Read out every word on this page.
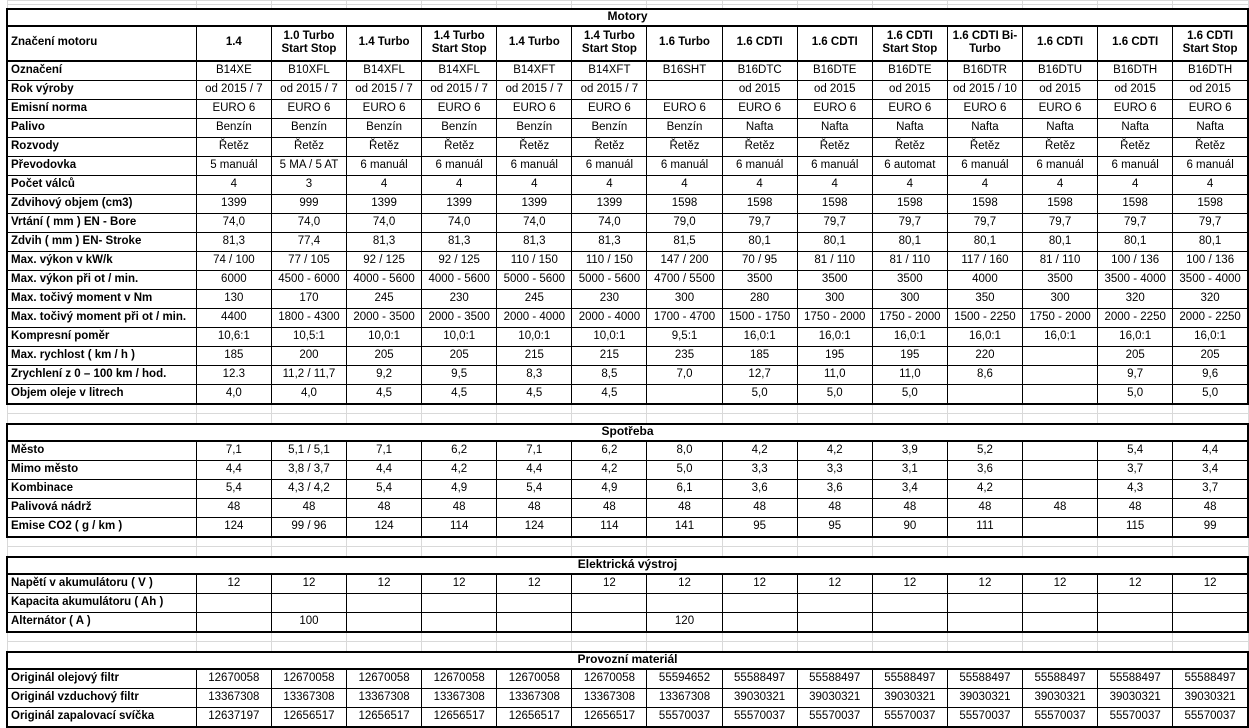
Motory														
Značení motoru	1.4	1.0 Turbo Start Stop	1.4 Turbo	1.4 Turbo Start Stop	1.4 Turbo	1.4 Turbo Start Stop	1.6 Turbo	1.6 CDTI	1.6 CDTI	1.6 CDTI Start Stop	1.6 CDTI Bi-Turbo	1.6 CDTI	1.6 CDTI	1.6 CDTI Start Stop
Označení	B14XE	B10XFL	B14XFL	B14XFL	B14XFT	B14XFT	B16SHT	B16DTC	B16DTE	B16DTE	B16DTR	B16DTU	B16DTH	B16DTH
Rok výroby	od 2015 / 7	od 2015 / 7	od 2015 / 7	od 2015 / 7	od 2015 / 7	od 2015 / 7		od 2015	od 2015	od 2015	od 2015 / 10	od 2015	od 2015	od 2015
Emisní norma	EURO 6	EURO 6	EURO 6	EURO 6	EURO 6	EURO 6	EURO 6	EURO 6	EURO 6	EURO 6	EURO 6	EURO 6	EURO 6	EURO 6
Palivo	Benzín	Benzín	Benzín	Benzín	Benzín	Benzín	Benzín	Nafta	Nafta	Nafta	Nafta	Nafta	Nafta	Nafta
Rozvody	Řetěz	Řetěz	Řetěz	Řetěz	Řetěz	Řetěz	Řetěz	Řetěz	Řetěz	Řetěz	Řetěz	Řetěz	Řetěz	Řetěz
Převodovka	5 manuál	5 MA / 5 AT	6 manuál	6 manuál	6 manuál	6 manuál	6 manuál	6 manuál	6 manuál	6 automat	6 manuál	6 manuál	6 manuál	6 manuál
Počet válců	4	3	4	4	4	4	4	4	4	4	4	4	4	4
Zdvihový objem (cm3)	1399	999	1399	1399	1399	1399	1598	1598	1598	1598	1598	1598	1598	1598
Vrtání ( mm ) EN - Bore	74,0	74,0	74,0	74,0	74,0	74,0	79,0	79,7	79,7	79,7	79,7	79,7	79,7	79,7
Zdvih ( mm ) EN- Stroke	81,3	77,4	81,3	81,3	81,3	81,3	81,5	80,1	80,1	80,1	80,1	80,1	80,1	80,1
Max. výkon v kW/k	74 / 100	77 / 105	92 / 125	92 / 125	110 / 150	110 / 150	147 / 200	70 / 95	81 / 110	81 / 110	117 / 160	81 / 110	100 / 136	100 / 136
Max. výkon při ot / min.	6000	4500 - 6000	4000 - 5600	4000 - 5600	5000 - 5600	5000 - 5600	4700 / 5500	3500	3500	3500	4000	3500	3500 - 4000	3500 - 4000
Max. točivý moment v Nm	130	170	245	230	245	230	300	280	300	300	350	300	320	320
Max. točivý moment při ot / min.	4400	1800 - 4300	2000 - 3500	2000 - 3500	2000 - 4000	2000 - 4000	1700 - 4700	1500 - 1750	1750 - 2000	1750 - 2000	1500 - 2250	1750 - 2000	2000 - 2250	2000 - 2250
Kompresní poměr	10,6:1	10,5:1	10,0:1	10,0:1	10,0:1	10,0:1	9,5:1	16,0:1	16,0:1	16,0:1	16,0:1	16,0:1	16,0:1	16,0:1
Max. rychlost ( km / h )	185	200	205	205	215	215	235	185	195	195	220		205	205
Zrychlení z 0 – 100 km / hod.	12.3	11,2 / 11,7	9,2	9,5	8,3	8,5	7,0	12,7	11,0	11,0	8,6		9,7	9,6
Objem oleje v litrech	4,0	4,0	4,5	4,5	4,5	4,5		5,0	5,0	5,0			5,0	5,0

Spotřeba														
Město	7,1	5,1 / 5,1	7,1	6,2	7,1	6,2	8,0	4,2	4,2	3,9	5,2		5,4	4,4
Mimo město	4,4	3,8 / 3,7	4,4	4,2	4,4	4,2	5,0	3,3	3,3	3,1	3,6		3,7	3,4
Kombinace	5,4	4,3 / 4,2	5,4	4,9	5,4	4,9	6,1	3,6	3,6	3,4	4,2		4,3	3,7
Palivová nádrž	48	48	48	48	48	48	48	48	48	48	48	48	48	48
Emise CO2 ( g / km )	124	99 / 96	124	114	124	114	141	95	95	90	111		115	99

Elektrická výstroj														
Napětí v akumulátoru ( V )	12	12	12	12	12	12	12	12	12	12	12	12	12	12
Kapacita akumulátoru ( Ah )														
Alternátor ( A )		100					120							

Provozní materiál														
Originál olejový filtr	12670058	12670058	12670058	12670058	12670058	12670058	55594652	55588497	55588497	55588497	55588497	55588497	55588497	55588497
Originál vzduchový filtr	13367308	13367308	13367308	13367308	13367308	13367308	13367308	39030321	39030321	39030321	39030321	39030321	39030321	39030321
Originál zapalovací svíčka	12637197	12656517	12656517	12656517	12656517	12656517	55570037	55570037	55570037	55570037	55570037	55570037	55570037	55570037
